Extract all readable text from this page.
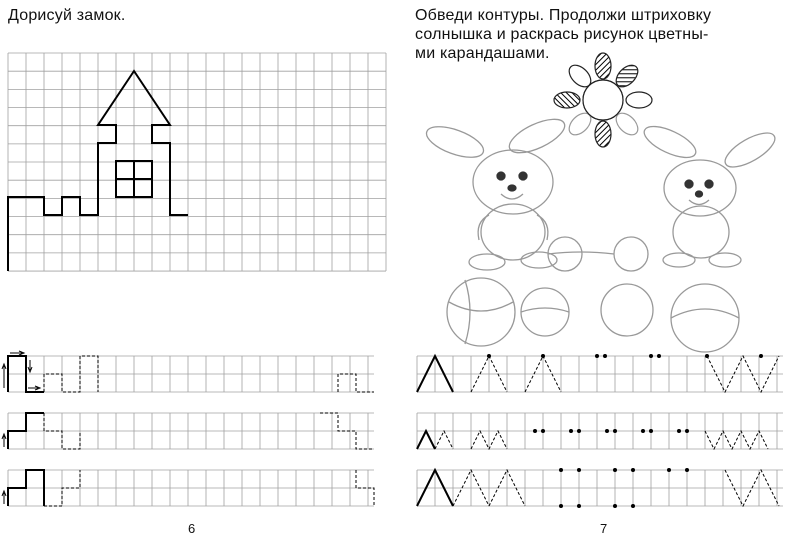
Дорисуй замок.
6
Обведи контуры. Продолжи штриховку
солнышка и раскрась рисунок цветны-
ми карандашами.
7
